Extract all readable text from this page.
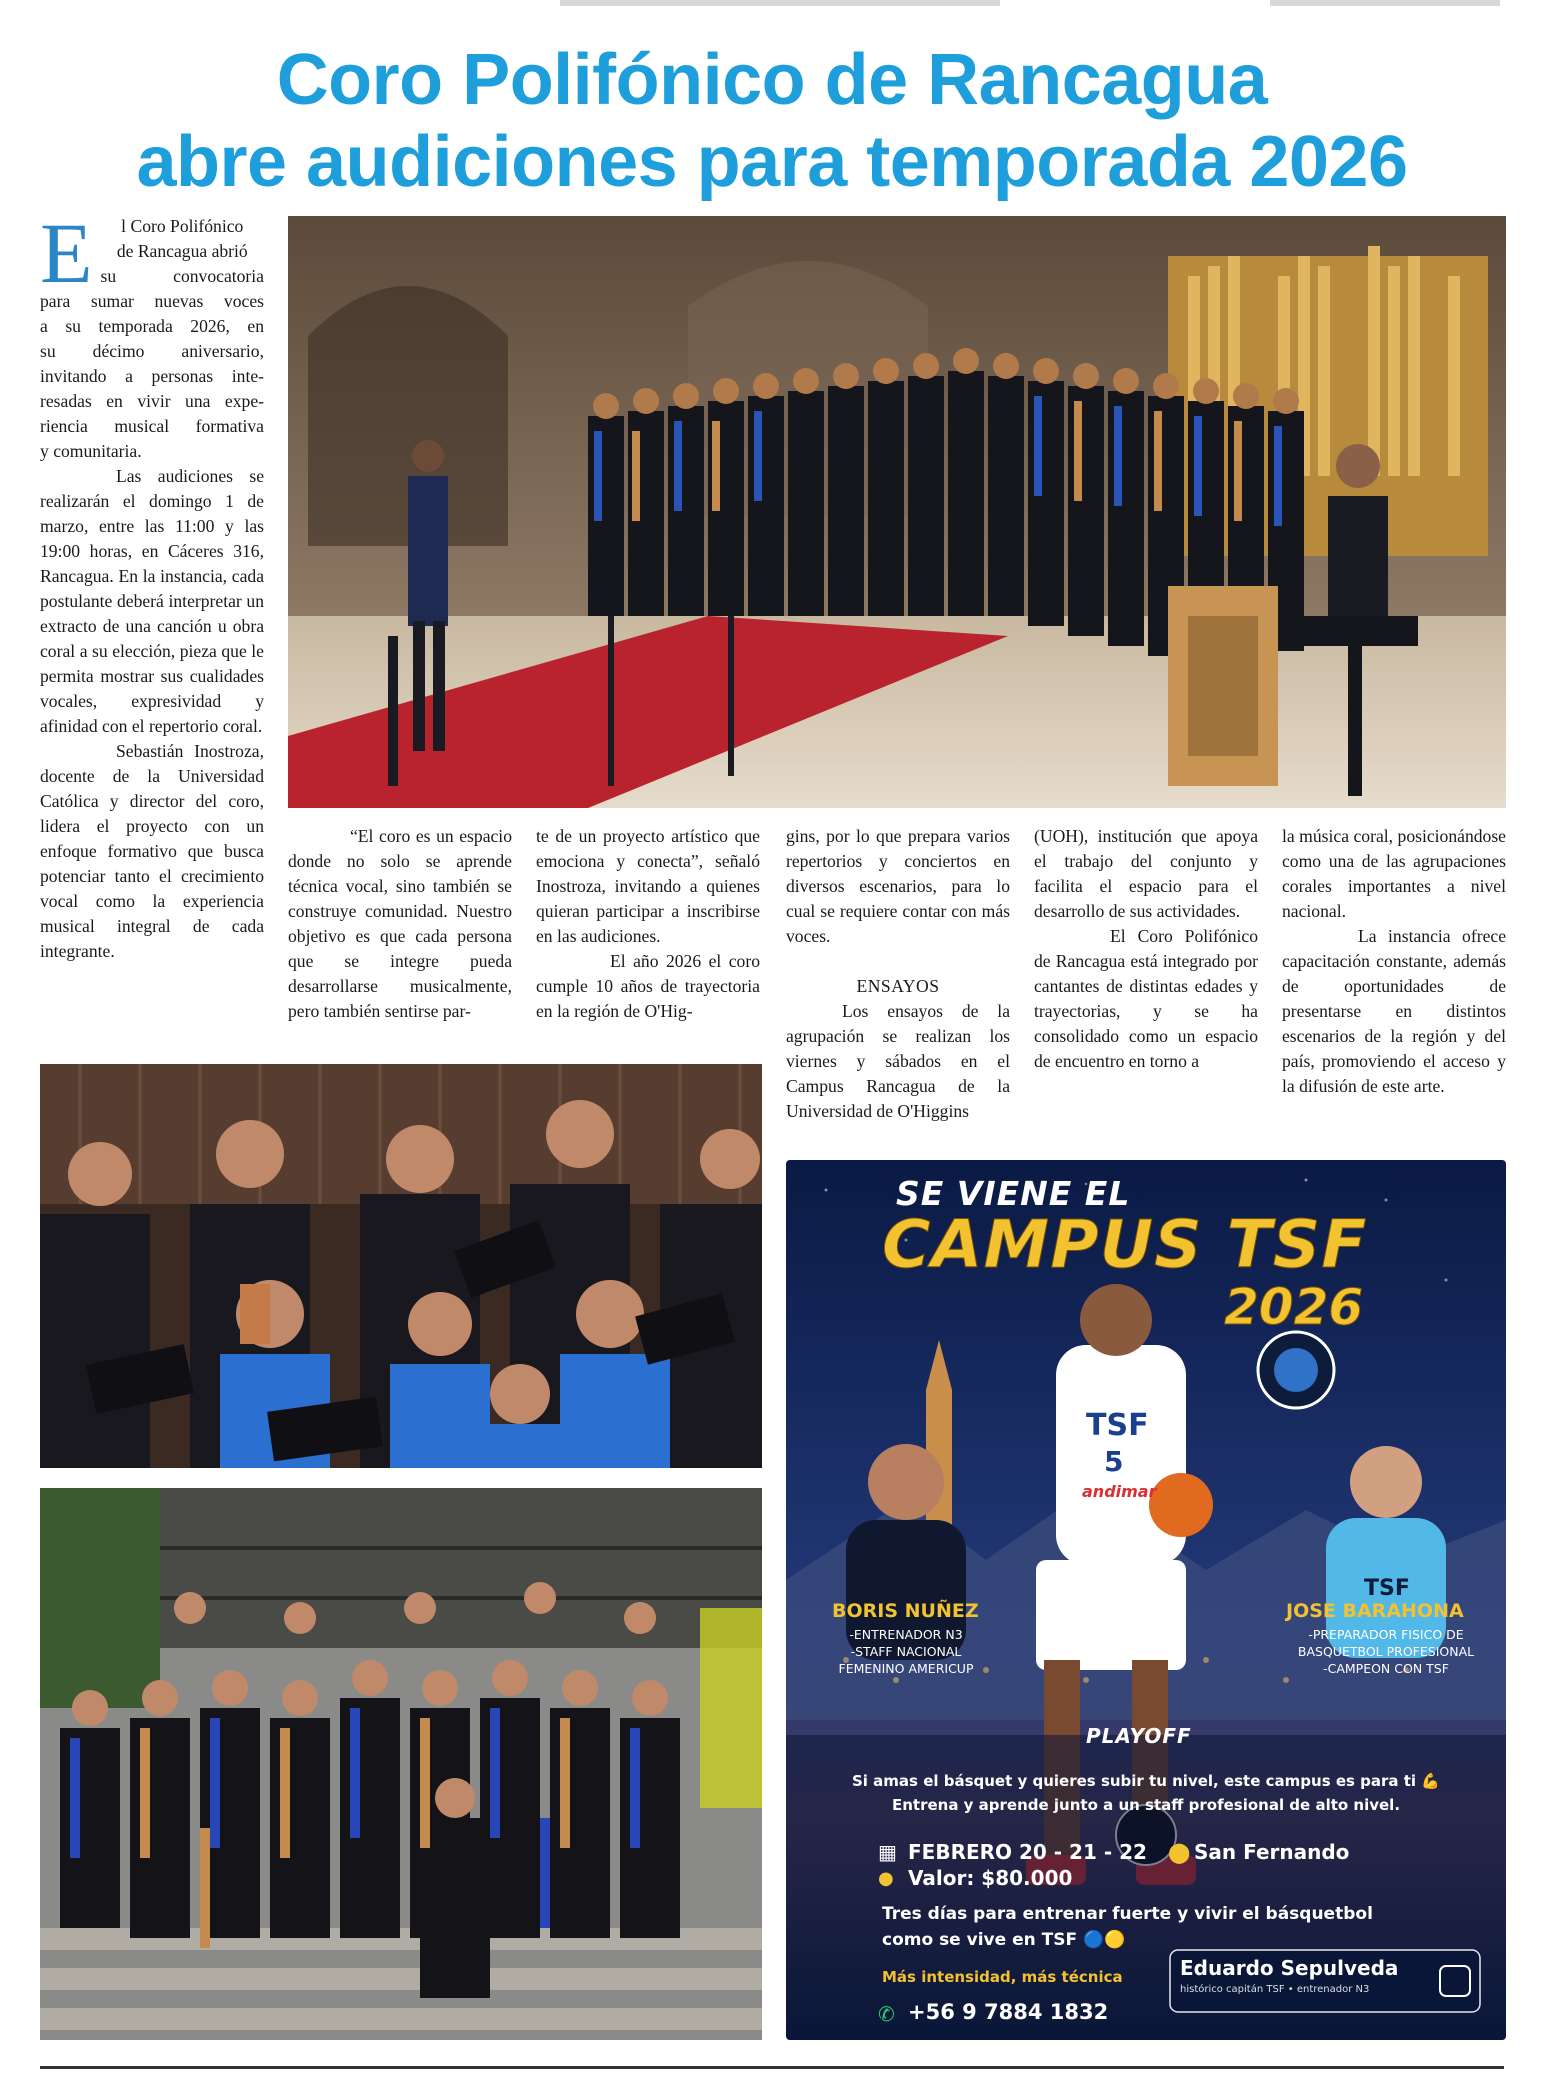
Coro Polifónico de Rancagua
abre audiciones para temporada 2026
E	l Coro Polifónico
de Rancagua abrió
su convocatoria
para sumar nuevas voces
a su temporada 2026, en
su décimo aniversario,
invitando a personas inte-
resadas en vivir una expe-
riencia musical formativa
y comunitaria.

Las audiciones se realizarán el domingo 1 de marzo, entre las 11:00 y las 19:00 horas, en Cáceres 316, Rancagua. En la instancia, cada postulante deberá interpretar un extracto de una canción u obra coral a su elección, pieza que le permita mostrar sus cualidades vocales, expresividad y afinidad con el repertorio coral.

Sebastián Inostroza, docente de la Universidad Católica y director del coro, lidera el proyecto con un enfoque formativo que busca potenciar tanto el crecimiento vocal como la experiencia musical integral de cada integrante.

“El coro es un espacio donde no solo se aprende técnica vocal, sino también se construye comunidad. Nuestro objetivo es que cada persona que se integre pueda desarrollarse musicalmente, pero también sentirse par-

te de un proyecto artístico que emociona y conecta”, señaló Inostroza, invitando a quienes quieran participar a inscribirse en las audiciones.

El año 2026 el coro cumple 10 años de trayectoria en la región de O'Hig-

gins, por lo que prepara varios repertorios y conciertos en diversos escenarios, para lo cual se requiere contar con más voces.

ENSAYOS

Los ensayos de la agrupación se realizan los viernes y sábados en el Campus Rancagua de la Universidad de O'Higgins

(UOH), institución que apoya el trabajo del conjunto y facilita el espacio para el desarrollo de sus actividades.

El Coro Polifónico de Rancagua está integrado por cantantes de distintas edades y trayectorias, y se ha consolidado como un espacio de encuentro en torno a

la música coral, posicionándose como una de las agrupaciones corales importantes a nivel nacional.

La instancia ofrece capacitación constante, además de oportunidades de presentarse en distintos escenarios de la región y del país, promoviendo el acceso y la difusión de este arte.

SE VIENE EL
CAMPUS TSF
2026
TSF
5
andimar
BORIS NUÑEZ
-ENTRENADOR N3
-STAFF NACIONAL
FEMENINO AMERICUP
TSF
JOSE BARAHONA
-PREPARADOR FISICO DE
BASQUETBOL PROFESIONAL
-CAMPEON CON TSF
PLAYOFF
Si amas el básquet y quieres subir tu nivel, este campus es para ti 💪
Entrena y aprende junto a un staff profesional de alto nivel.
▦ FEBRERO 20 - 21 - 22 ⬤ San Fernando
● Valor: $80.000
Tres días para entrenar fuerte y vivir el básquetbol
como se vive en TSF 🔵🟡
Más intensidad, más técnica
✆ +56 9 7884 1832
Eduardo Sepulveda
histórico capitán TSF • entrenador N3
